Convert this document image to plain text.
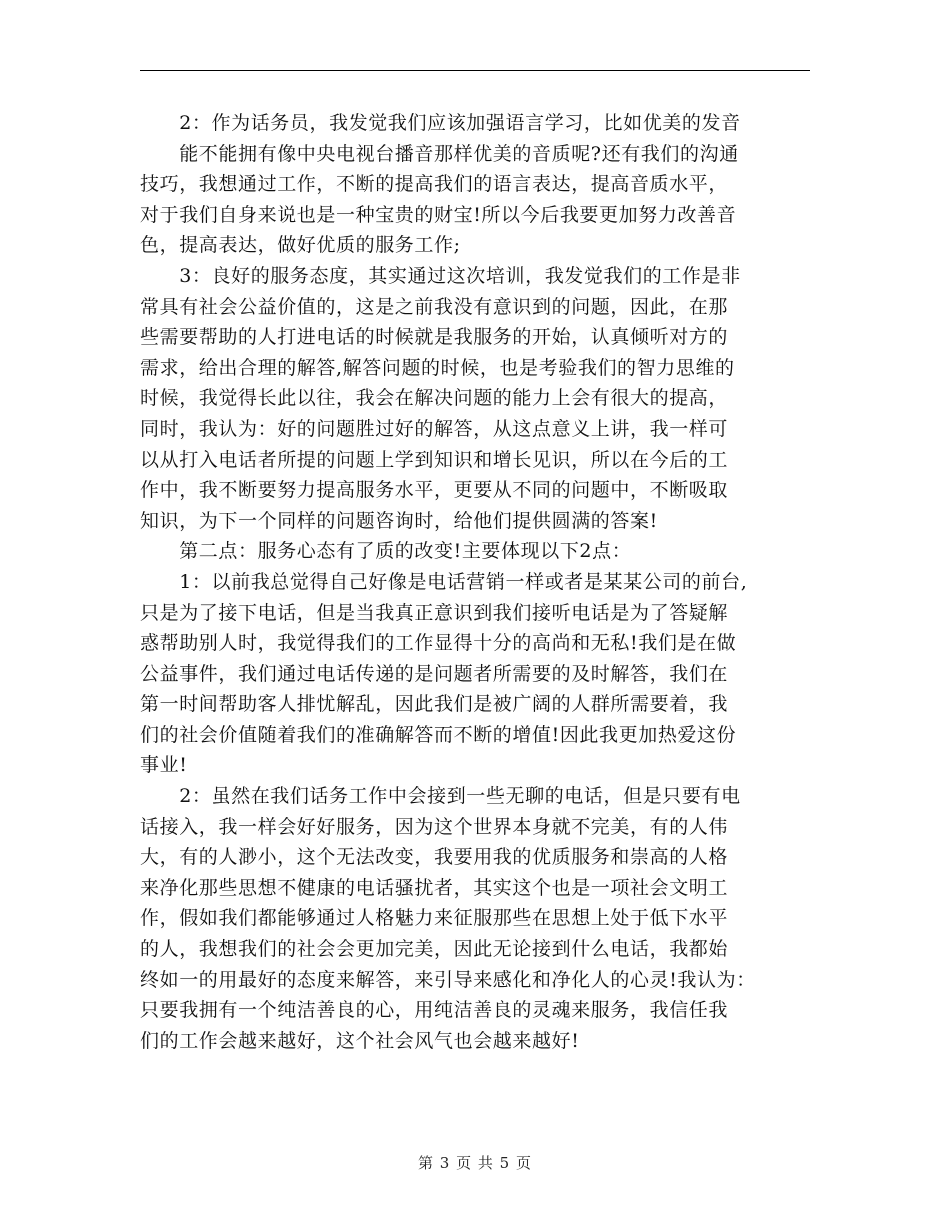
　　2：作为话务员，我发觉我们应该加强语言学习，比如优美的发音
　　能不能拥有像中央电视台播音那样优美的音质呢?还有我们的沟通
技巧，我想通过工作，不断的提高我们的语言表达，提高音质水平，
对于我们自身来说也是一种宝贵的财宝!所以今后我要更加努力改善音
色，提高表达，做好优质的服务工作;
　　3：良好的服务态度，其实通过这次培训，我发觉我们的工作是非
常具有社会公益价值的，这是之前我没有意识到的问题，因此，在那
些需要帮助的人打进电话的时候就是我服务的开始，认真倾听对方的
需求，给出合理的解答,解答问题的时候，也是考验我们的智力思维的
时候，我觉得长此以往，我会在解决问题的能力上会有很大的提高，
同时，我认为：好的问题胜过好的解答，从这点意义上讲，我一样可
以从打入电话者所提的问题上学到知识和增长见识，所以在今后的工
作中，我不断要努力提高服务水平，更要从不同的问题中，不断吸取
知识，为下一个同样的问题咨询时，给他们提供圆满的答案!
　　第二点：服务心态有了质的改变!主要体现以下2点：
　　1：以前我总觉得自己好像是电话营销一样或者是某某公司的前台,
只是为了接下电话，但是当我真正意识到我们接听电话是为了答疑解
惑帮助别人时，我觉得我们的工作显得十分的高尚和无私!我们是在做
公益事件，我们通过电话传递的是问题者所需要的及时解答，我们在
第一时间帮助客人排忧解乱，因此我们是被广阔的人群所需要着，我
们的社会价值随着我们的准确解答而不断的增值!因此我更加热爱这份
事业!
　　2：虽然在我们话务工作中会接到一些无聊的电话，但是只要有电
话接入，我一样会好好服务，因为这个世界本身就不完美，有的人伟
大，有的人渺小，这个无法改变，我要用我的优质服务和崇高的人格
来净化那些思想不健康的电话骚扰者，其实这个也是一项社会文明工
作，假如我们都能够通过人格魅力来征服那些在思想上处于低下水平
的人，我想我们的社会会更加完美，因此无论接到什么电话，我都始
终如一的用最好的态度来解答，来引导来感化和净化人的心灵!我认为：
只要我拥有一个纯洁善良的心，用纯洁善良的灵魂来服务，我信任我
们的工作会越来越好，这个社会风气也会越来越好!
第 3 页 共 5 页
